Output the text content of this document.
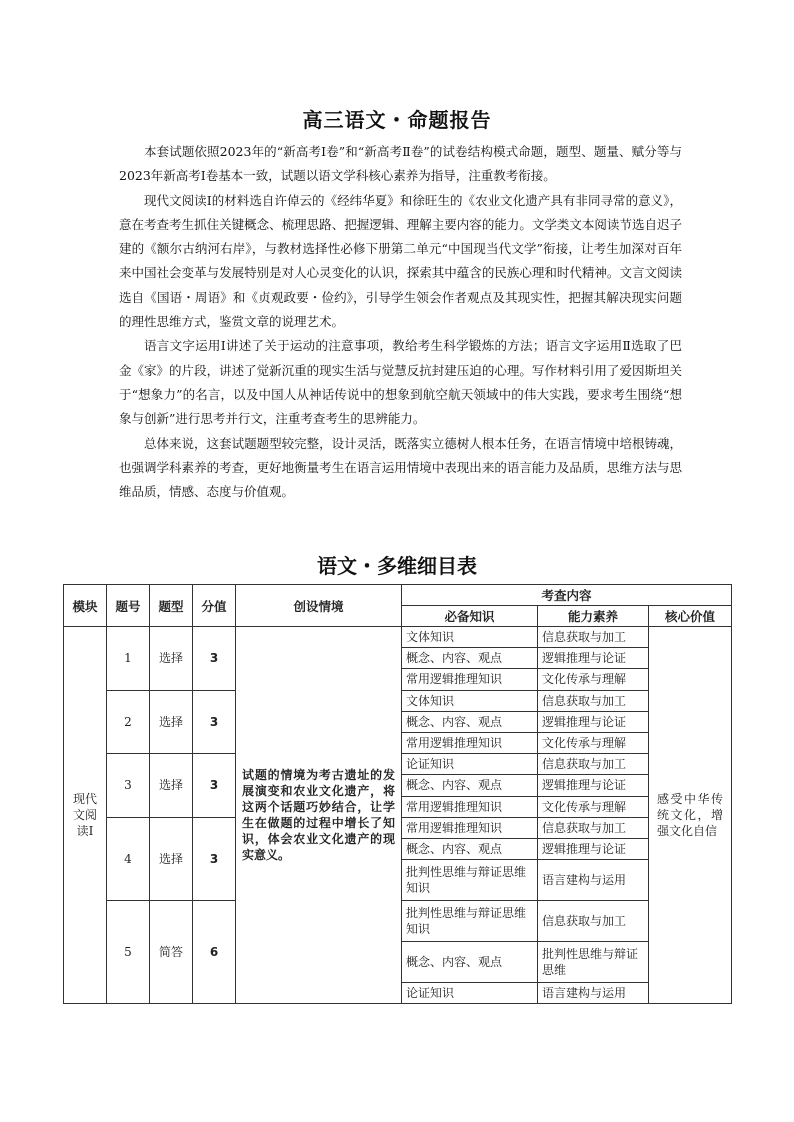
高三语文・命题报告

本套试题依照2023年的“新高考Ⅰ卷”和“新高考Ⅱ卷”的试卷结构模式命题，题型、题量、赋分等与2023年新高考Ⅰ卷基本一致，试题以语文学科核心素养为指导，注重教考衔接。

现代文阅读Ⅰ的材料选自许倬云的《经纬华夏》和徐旺生的《农业文化遗产具有非同寻常的意义》，意在考查考生抓住关键概念、梳理思路、把握逻辑、理解主要内容的能力。文学类文本阅读节选自迟子建的《额尔古纳河右岸》，与教材选择性必修下册第二单元“中国现当代文学”衔接，让考生加深对百年来中国社会变革与发展特别是对人心灵变化的认识，探索其中蕴含的民族心理和时代精神。文言文阅读选自《国语・周语》和《贞观政要・俭约》，引导学生领会作者观点及其现实性，把握其解决现实问题的理性思维方式，鉴赏文章的说理艺术。

语言文字运用Ⅰ讲述了关于运动的注意事项，教给考生科学锻炼的方法；语言文字运用Ⅱ选取了巴金《家》的片段，讲述了觉新沉重的现实生活与觉慧反抗封建压迫的心理。写作材料引用了爱因斯坦关于“想象力”的名言，以及中国人从神话传说中的想象到航空航天领域中的伟大实践，要求考生围绕“想象与创新”进行思考并行文，注重考查考生的思辨能力。

总体来说，这套试题题型较完整，设计灵活，既落实立德树人根本任务，在语言情境中培根铸魂，也强调学科素养的考查，更好地衡量考生在语言运用情境中表现出来的语言能力及品质，思维方法与思维品质，情感、态度与价值观。

语文・多维细目表
模块	题号	题型	分值	创设情境	考查内容		
					必备知识	能力素养	核心价值
现代文阅读Ⅰ	1	选择	3	试题的情境为考古遗址的发展演变和农业文化遗产，将这两个话题巧妙结合，让学生在做题的过程中增长了知识，体会农业文化遗产的现实意义。	文体知识	信息获取与加工	感受中华传统文化，增强文化自信
					概念、内容、观点	逻辑推理与论证	
					常用逻辑推理知识	文化传承与理解	
	2	选择	3		文体知识	信息获取与加工	
					概念、内容、观点	逻辑推理与论证	
					常用逻辑推理知识	文化传承与理解	
	3	选择	3		论证知识	信息获取与加工	
					概念、内容、观点	逻辑推理与论证	
					常用逻辑推理知识	文化传承与理解	
	4	选择	3		常用逻辑推理知识	信息获取与加工	
					概念、内容、观点	逻辑推理与论证	
					批判性思维与辩证思维知识	语言建构与运用	
	5	简答	6		批判性思维与辩证思维知识	信息获取与加工	
					概念、内容、观点	批判性思维与辩证思维	
					论证知识	语言建构与运用	
